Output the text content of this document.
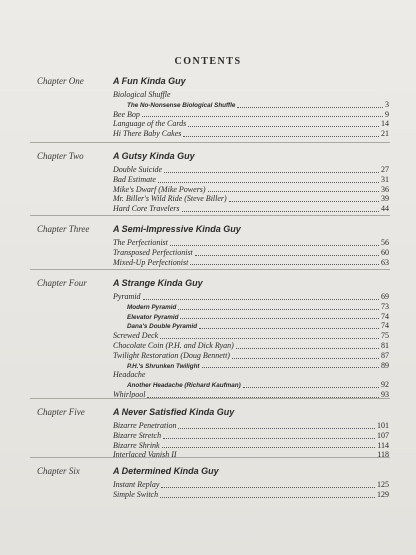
CONTENTS
Chapter One	A Fun Kinda Guy
Biological Shuffle
The No-Nonsense Biological Shuffle	3
Bee Bop	9
Language of the Cards	14
Hi There Baby Cakes	21
Chapter Two	A Gutsy Kinda Guy
Double Suicide	27
Bad Estimate	31
Mike's Dwarf (Mike Powers)	36
Mr. Biller's Wild Ride (Steve Biller)	39
Hard Core Travelers	44
Chapter Three	A Semi-Impressive Kinda Guy
The Perfectionist	56
Transposed Perfectionist	60
Mixed-Up Perfectionist	63
Chapter Four	A Strange Kinda Guy
Pyramid	69
Modern Pyramid	73
Elevator Pyramid	74
Dana's Double Pyramid	74
Screwed Deck	75
Chocolate Coin (P.H. and Dick Ryan)	81
Twilight Restoration (Doug Bennett)	87
P.H.'s Shrunken Twilight	89
Headache
Another Headache (Richard Kaufman)	92
Whirlpool	93
Chapter Five	A Never Satisfied Kinda Guy
Bizarre Penetration	101
Bizarre Stretch	107
Bizarre Shrink	114
Interlaced Vanish II	118
Chapter Six	A Determined Kinda Guy
Instant Replay	125
Simple Switch	129
